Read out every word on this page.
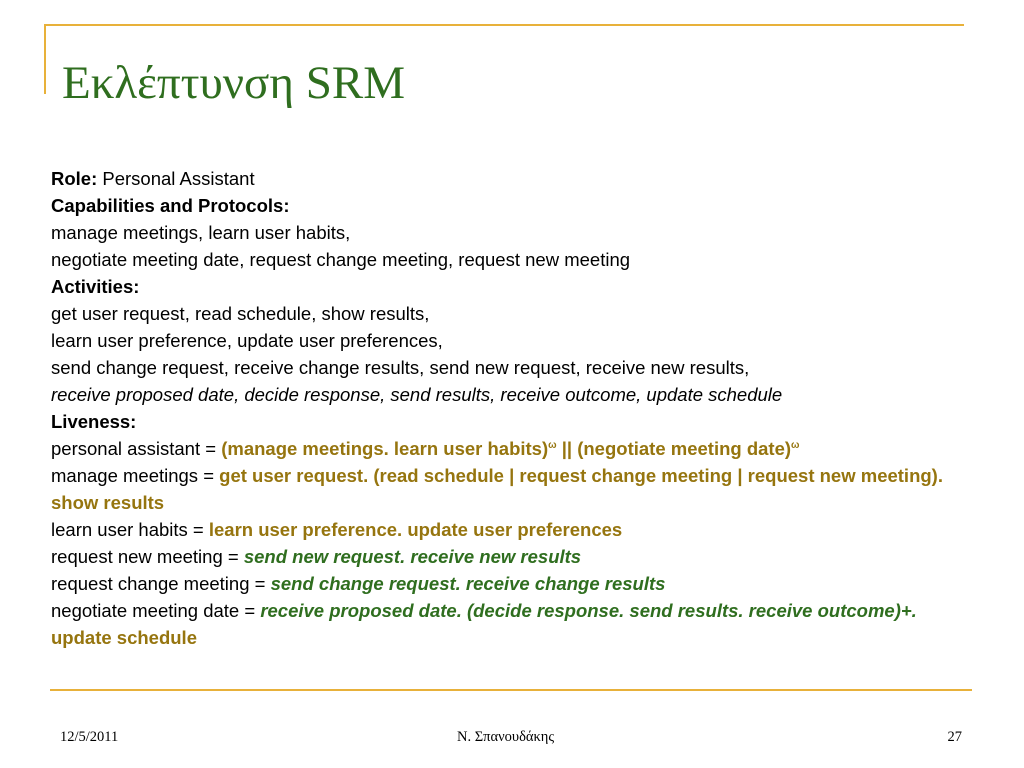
Εκλέπτυνση SRM
Role: Personal Assistant
Capabilities and Protocols:
manage meetings, learn user habits,
negotiate meeting date, request change meeting, request new meeting
Activities:
get user request, read schedule, show results,
learn user preference, update user preferences,
send change request, receive change results, send new request, receive new results,
receive proposed date, decide response, send results, receive outcome, update schedule
Liveness:
personal assistant = (manage meetings. learn user habits)$^\omega$ || (negotiate meeting date)$^\omega$
manage meetings = get user request. (read schedule | request change meeting | request new meeting). show results
learn user habits = learn user preference. update user preferences
request new meeting = send new request. receive new results
request change meeting = send change request. receive change results
negotiate meeting date = receive proposed date. (decide response. send results. receive outcome)+. update schedule
12/5/2011	Ν. Σπανουδάκης	27
